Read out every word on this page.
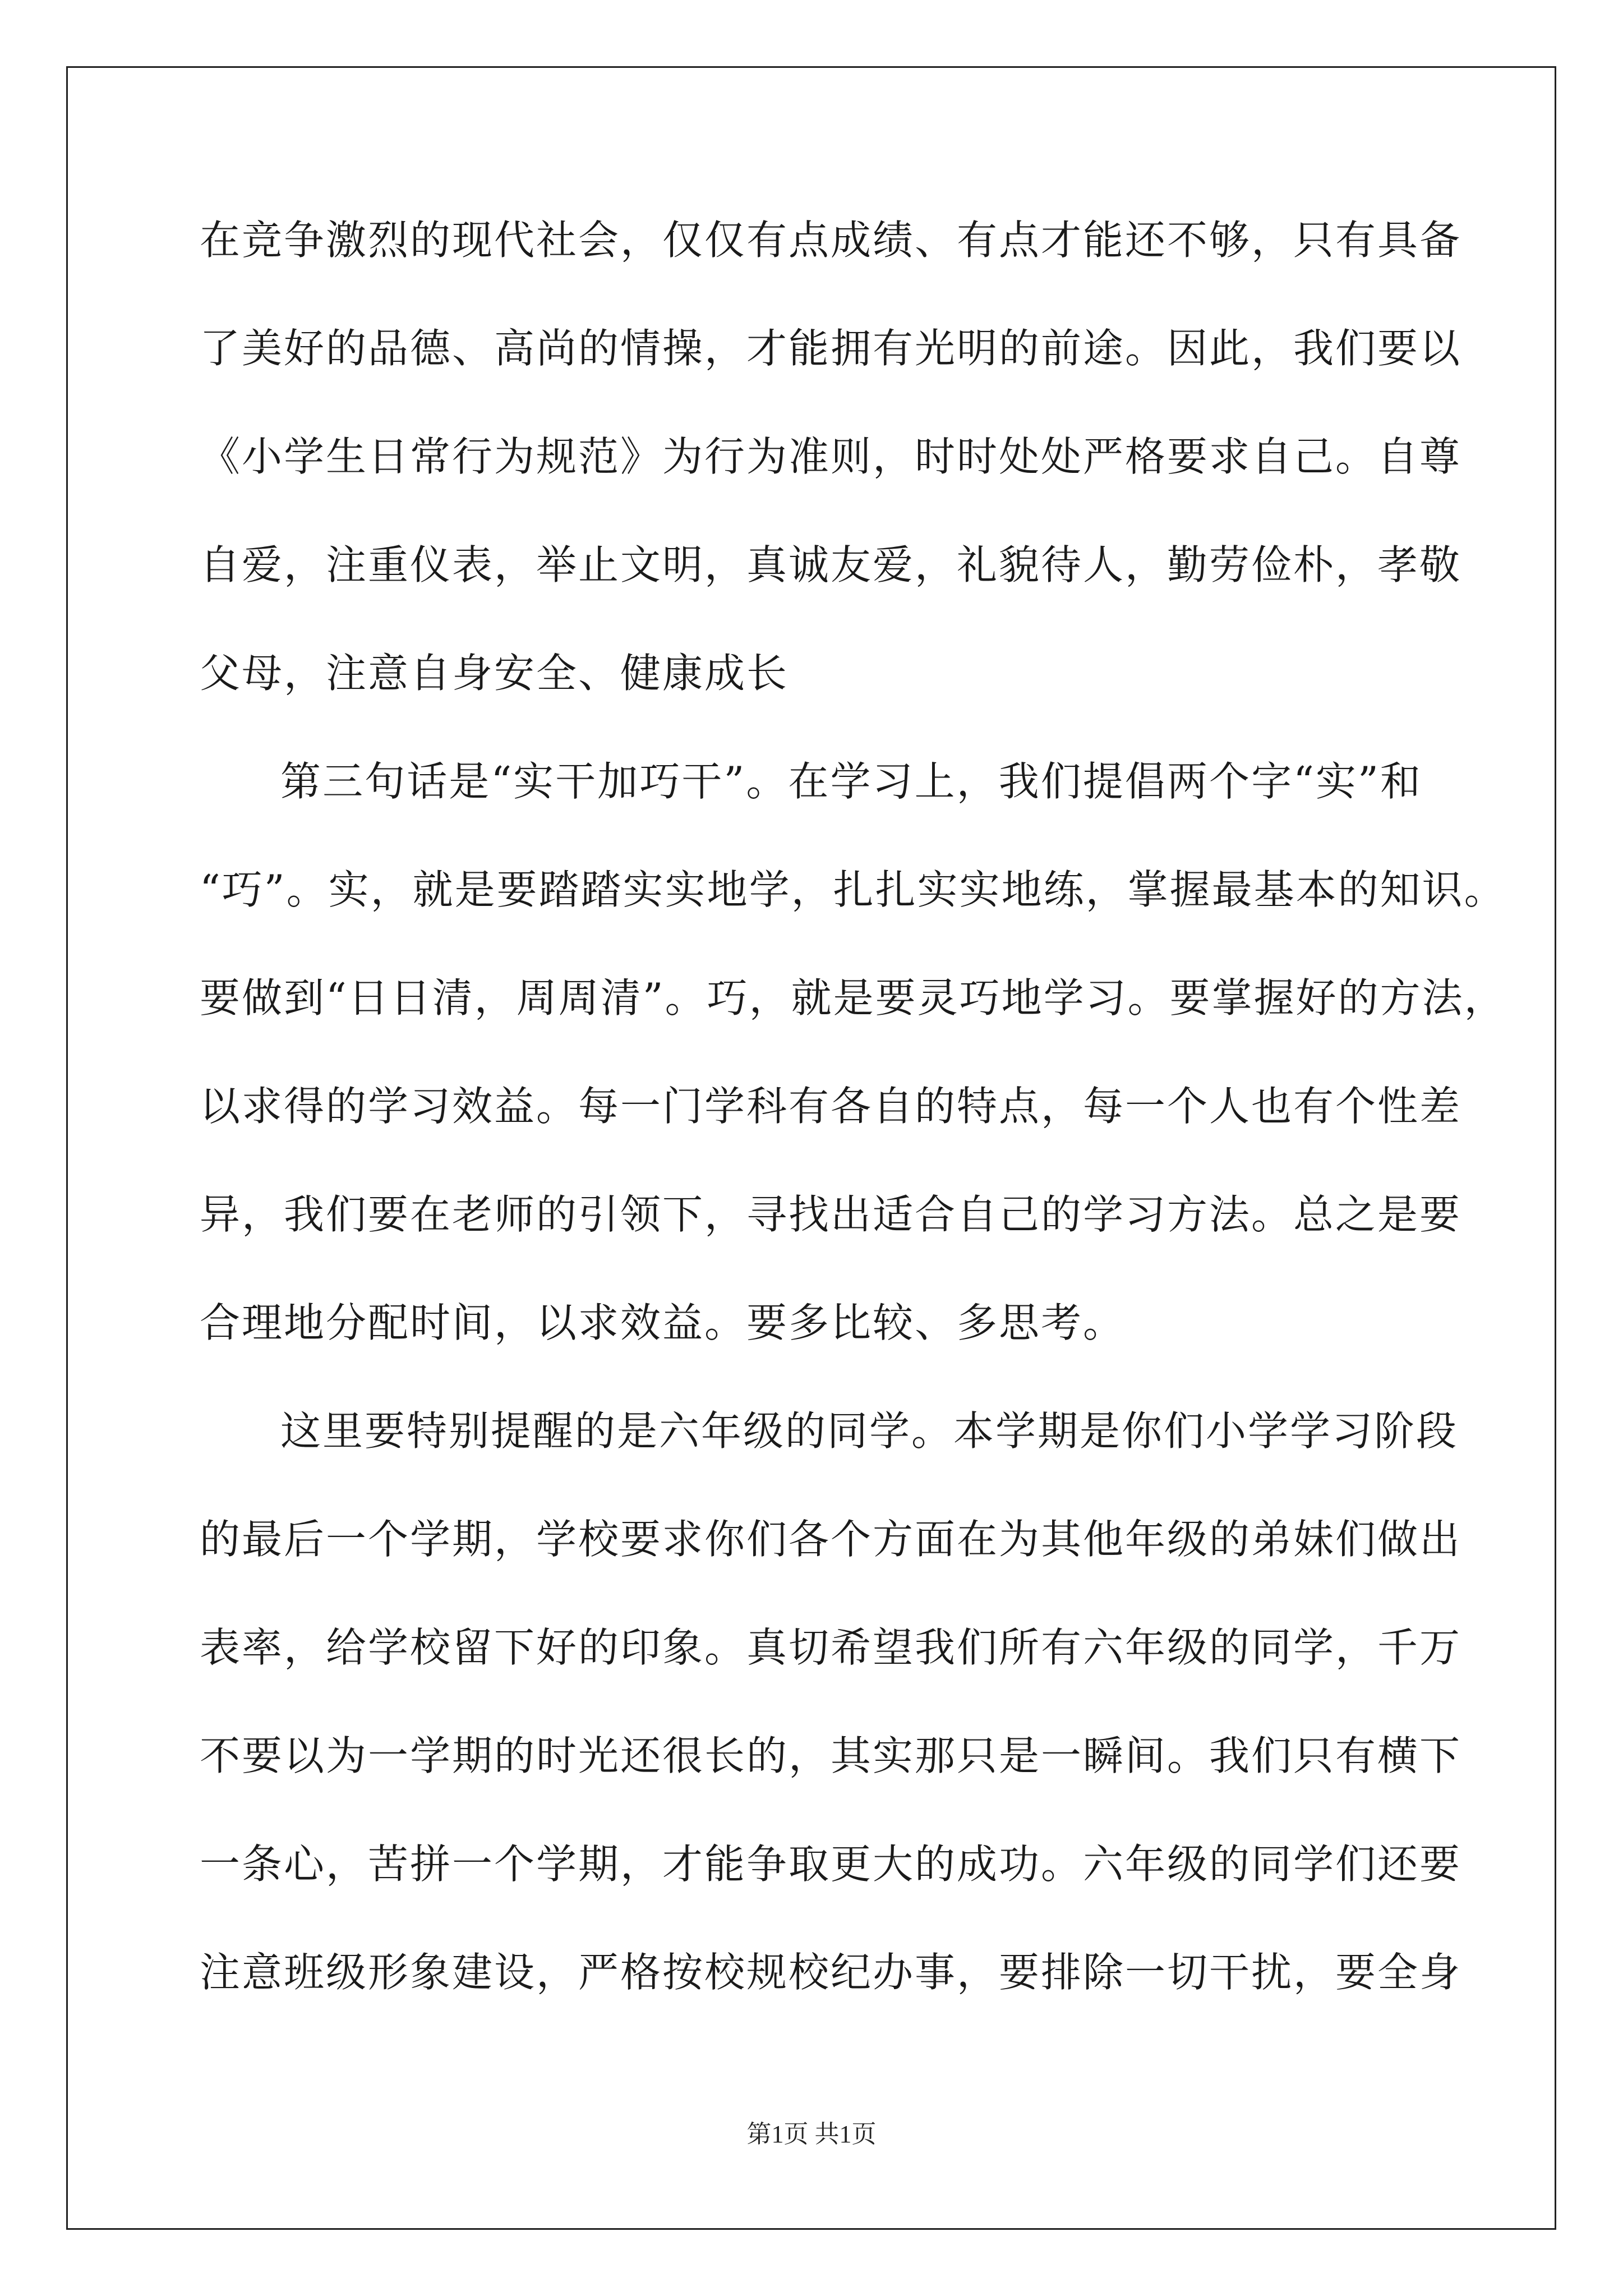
在竞争激烈的现代社会，仅仅有点成绩、有点才能还不够，只有具备
了美好的品德、高尚的情操，才能拥有光明的前途。因此，我们要以
《小学生日常行为规范》为行为准则，时时处处严格要求自己。自尊
自爱，注重仪表，举止文明，真诚友爱，礼貌待人，勤劳俭朴，孝敬
父母，注意自身安全、健康成长
第三句话是“实干加巧干”。在学习上，我们提倡两个字“实”和
“巧”。实，就是要踏踏实实地学，扎扎实实地练，掌握最基本的知识。
要做到“日日清，周周清”。巧，就是要灵巧地学习。要掌握好的方法，
以求得的学习效益。每一门学科有各自的特点，每一个人也有个性差
异，我们要在老师的引领下，寻找出适合自己的学习方法。总之是要
合理地分配时间，以求效益。要多比较、多思考。
这里要特别提醒的是六年级的同学。本学期是你们小学学习阶段
的最后一个学期，学校要求你们各个方面在为其他年级的弟妹们做出
表率，给学校留下好的印象。真切希望我们所有六年级的同学，千万
不要以为一学期的时光还很长的，其实那只是一瞬间。我们只有横下
一条心，苦拼一个学期，才能争取更大的成功。六年级的同学们还要
注意班级形象建设，严格按校规校纪办事，要排除一切干扰，要全身
第1页 共1页
